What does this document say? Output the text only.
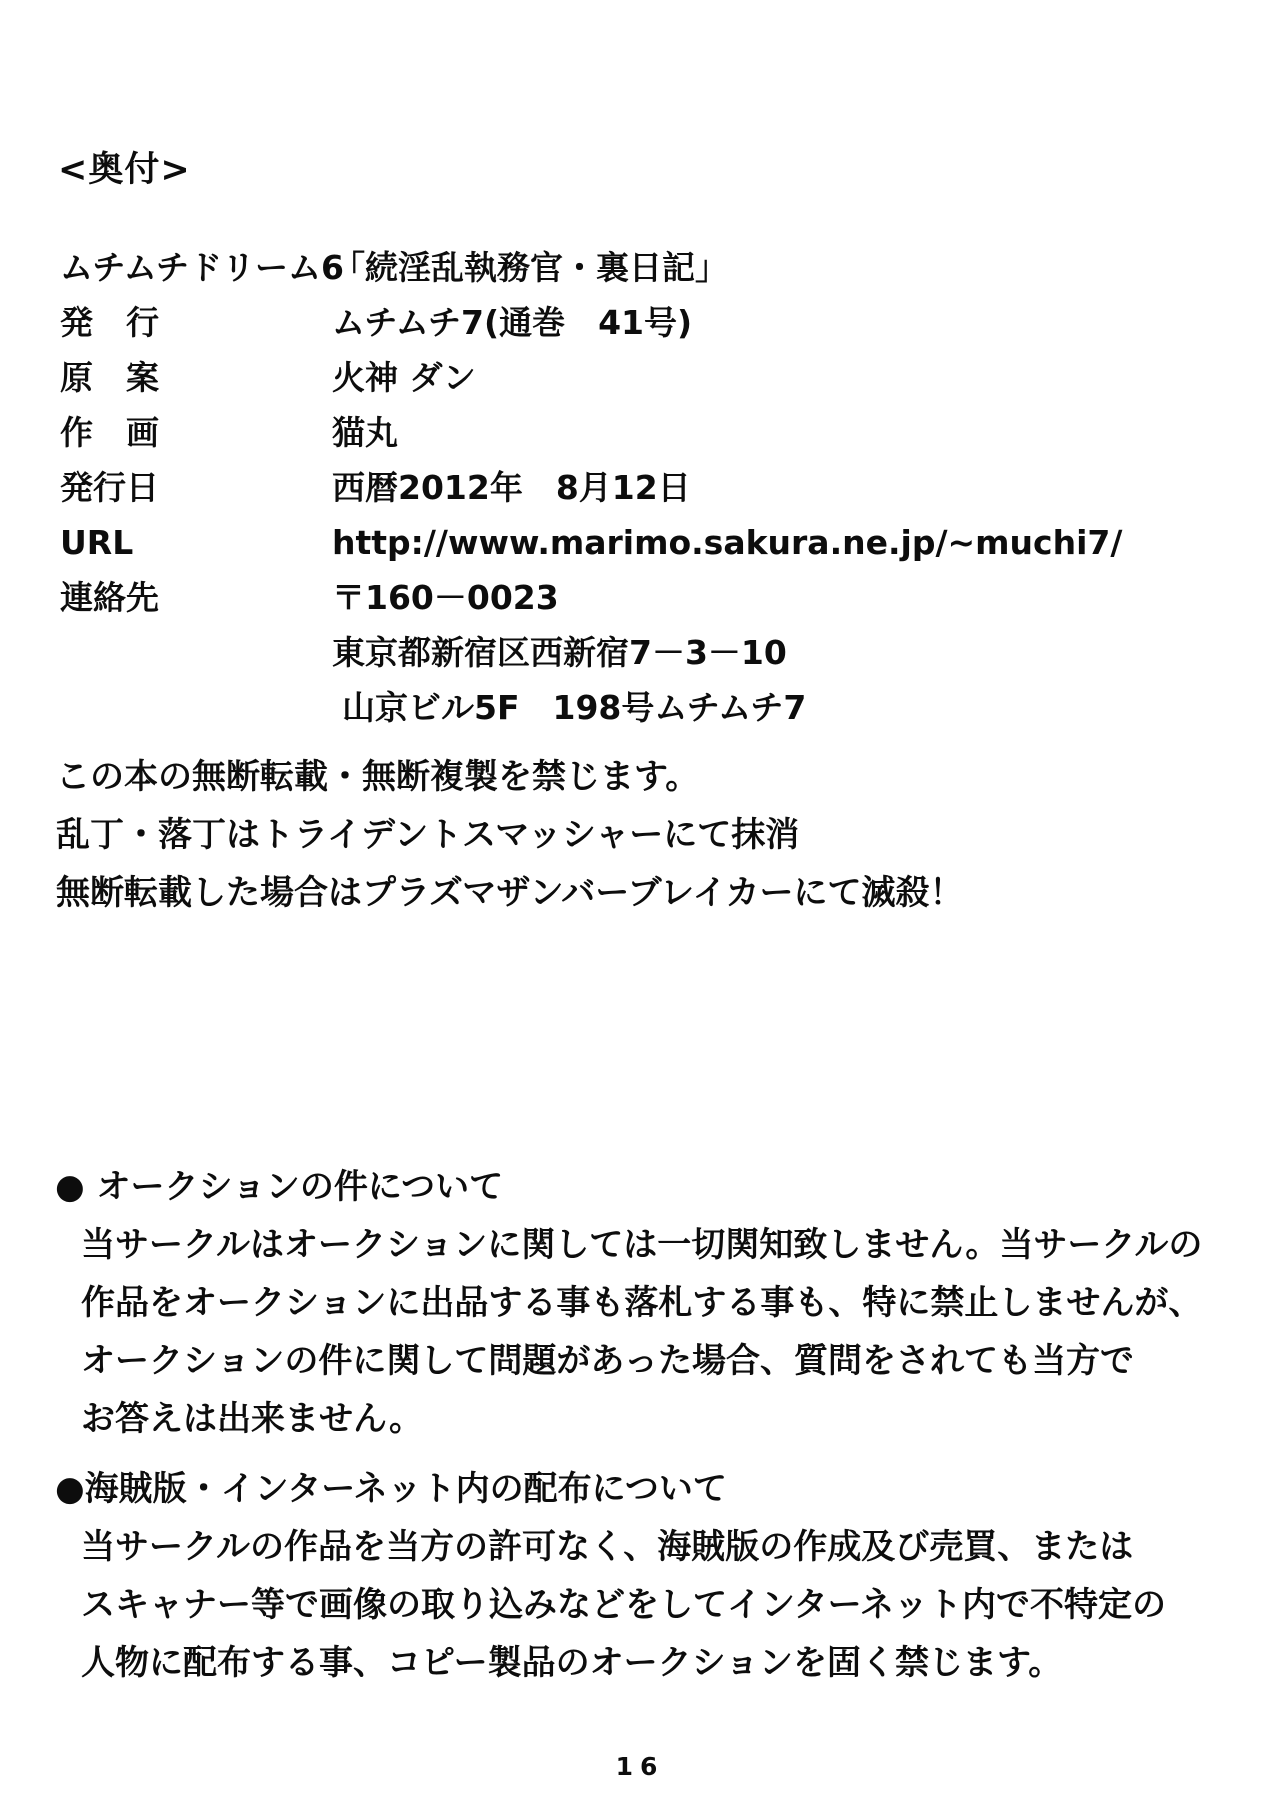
<奥付>
ムチムチドリーム6
「続淫乱執務官・裏日記」
発　行	ムチムチ7(通巻　41号)
原　案	火神 ダン
作　画	猫丸
発行日	西暦2012年　8月12日
URL	http://www.marimo.sakura.ne.jp/~muchi7/
連絡先	〒160－0023
東京都新宿区西新宿7－3－10
山京ビル5F　198号ムチムチ7
この本の無断転載・無断複製を禁じます。
乱丁・落丁はトライデントスマッシャーにて抹消
無断転載した場合はプラズマザンバーブレイカーにて滅殺！
● オークションの件について
当サークルはオークションに関しては一切関知致しません。当サークルの
作品をオークションに出品する事も落札する事も、特に禁止しませんが、
オークションの件に関して問題があった場合、質問をされても当方で
お答えは出来ません。
●海賊版・インターネット内の配布について
当サークルの作品を当方の許可なく、海賊版の作成及び売買、または
スキャナー等で画像の取り込みなどをしてインターネット内で不特定の
人物に配布する事、コピー製品のオークションを固く禁じます。
16
